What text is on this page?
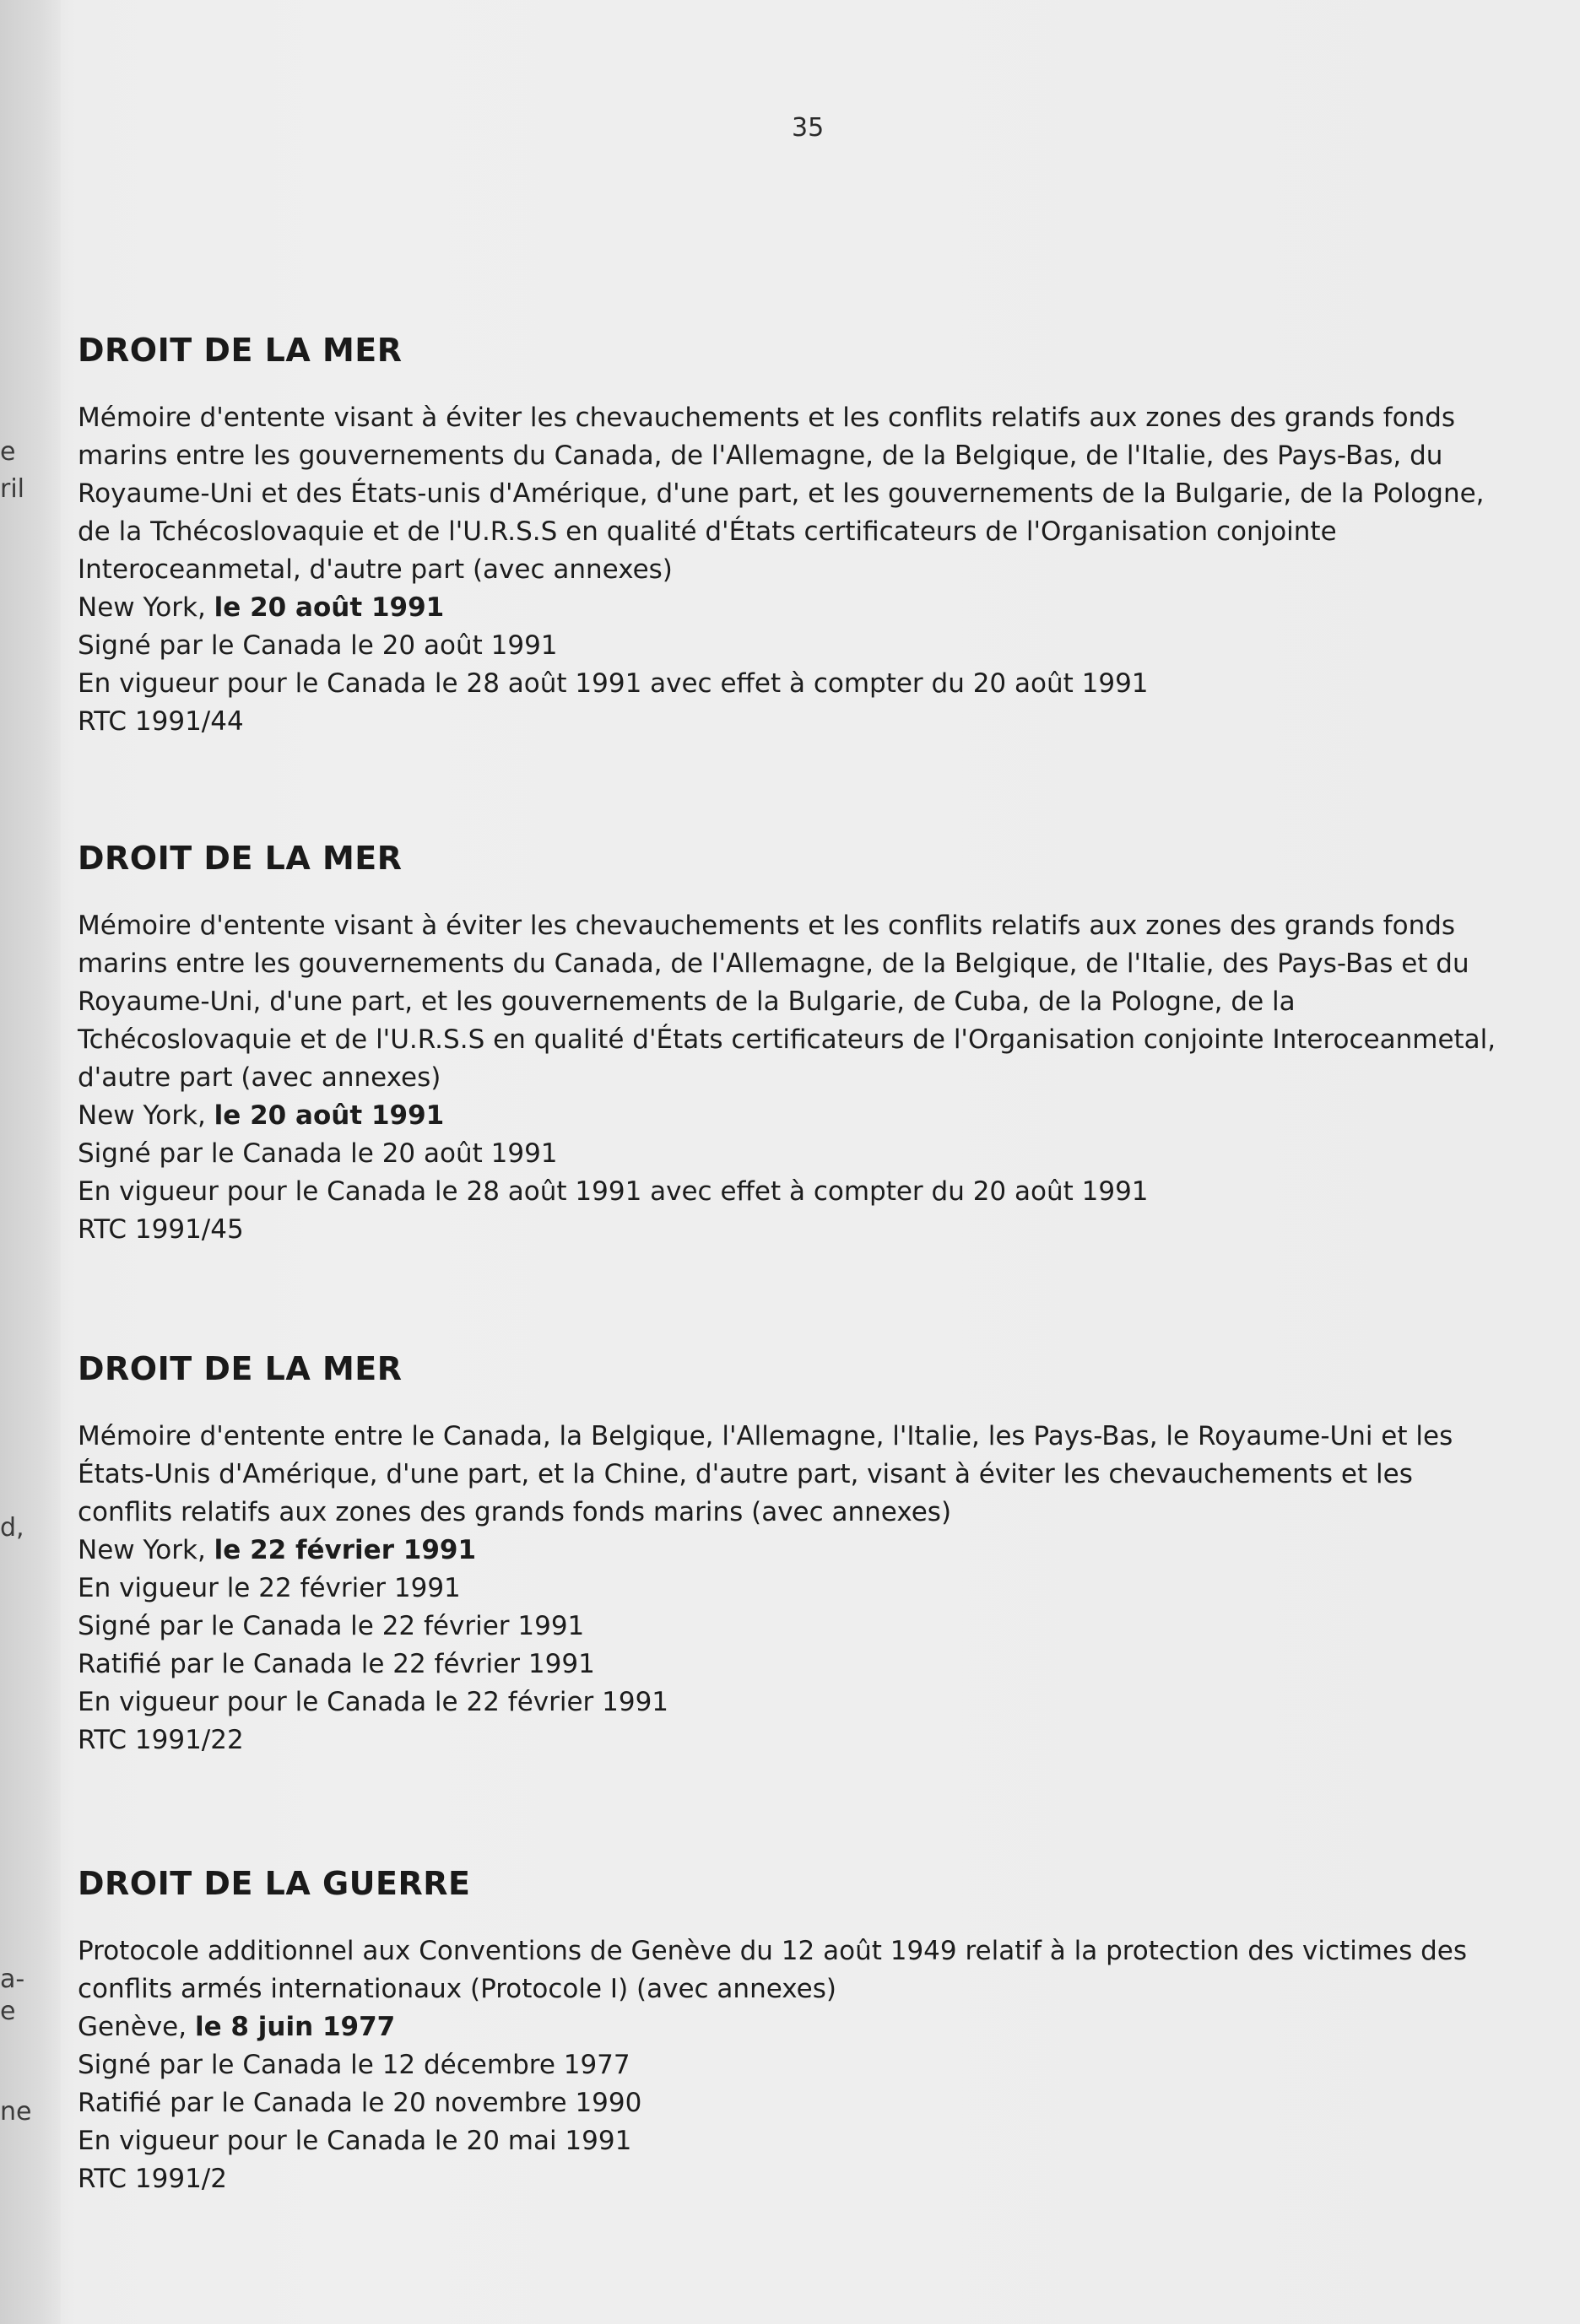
e
ril
d,
a-
e
ne
35
DROIT DE LA MER

Mémoire d'entente visant à éviter les chevauchements et les conflits relatifs aux zones des grands fonds marins entre les gouvernements du Canada, de l'Allemagne, de la Belgique, de l'Italie, des Pays-Bas, du Royaume-Uni et des États-unis d'Amérique, d'une part, et les gouvernements de la Bulgarie, de la Pologne, de la Tchécoslovaquie et de l'U.R.S.S en qualité d'États certificateurs de l'Organisation conjointe Interoceanmetal, d'autre part (avec annexes)

New York, le 20 août 1991

Signé par le Canada le 20 août 1991

En vigueur pour le Canada le 28 août 1991 avec effet à compter du 20 août 1991

RTC 1991/44

DROIT DE LA MER

Mémoire d'entente visant à éviter les chevauchements et les conflits relatifs aux zones des grands fonds marins entre les gouvernements du Canada, de l'Allemagne, de la Belgique, de l'Italie, des Pays-Bas et du Royaume-Uni, d'une part, et les gouvernements de la Bulgarie, de Cuba, de la Pologne, de la Tchécoslovaquie et de l'U.R.S.S en qualité d'États certificateurs de l'Organisation conjointe Interoceanmetal, d'autre part (avec annexes)

New York, le 20 août 1991

Signé par le Canada le 20 août 1991

En vigueur pour le Canada le 28 août 1991 avec effet à compter du 20 août 1991

RTC 1991/45

DROIT DE LA MER

Mémoire d'entente entre le Canada, la Belgique, l'Allemagne, l'Italie, les Pays-Bas, le Royaume-Uni et les États-Unis d'Amérique, d'une part, et la Chine, d'autre part, visant à éviter les chevauchements et les conflits relatifs aux zones des grands fonds marins (avec annexes)

New York, le 22 février 1991

En vigueur le 22 février 1991

Signé par le Canada le 22 février 1991

Ratifié par le Canada le 22 février 1991

En vigueur pour le Canada le 22 février 1991

RTC 1991/22

DROIT DE LA GUERRE

Protocole additionnel aux Conventions de Genève du 12 août 1949 relatif à la protection des victimes des conflits armés internationaux (Protocole I) (avec annexes)

Genève, le 8 juin 1977

Signé par le Canada le 12 décembre 1977

Ratifié par le Canada le 20 novembre 1990

En vigueur pour le Canada le 20 mai 1991

RTC 1991/2
